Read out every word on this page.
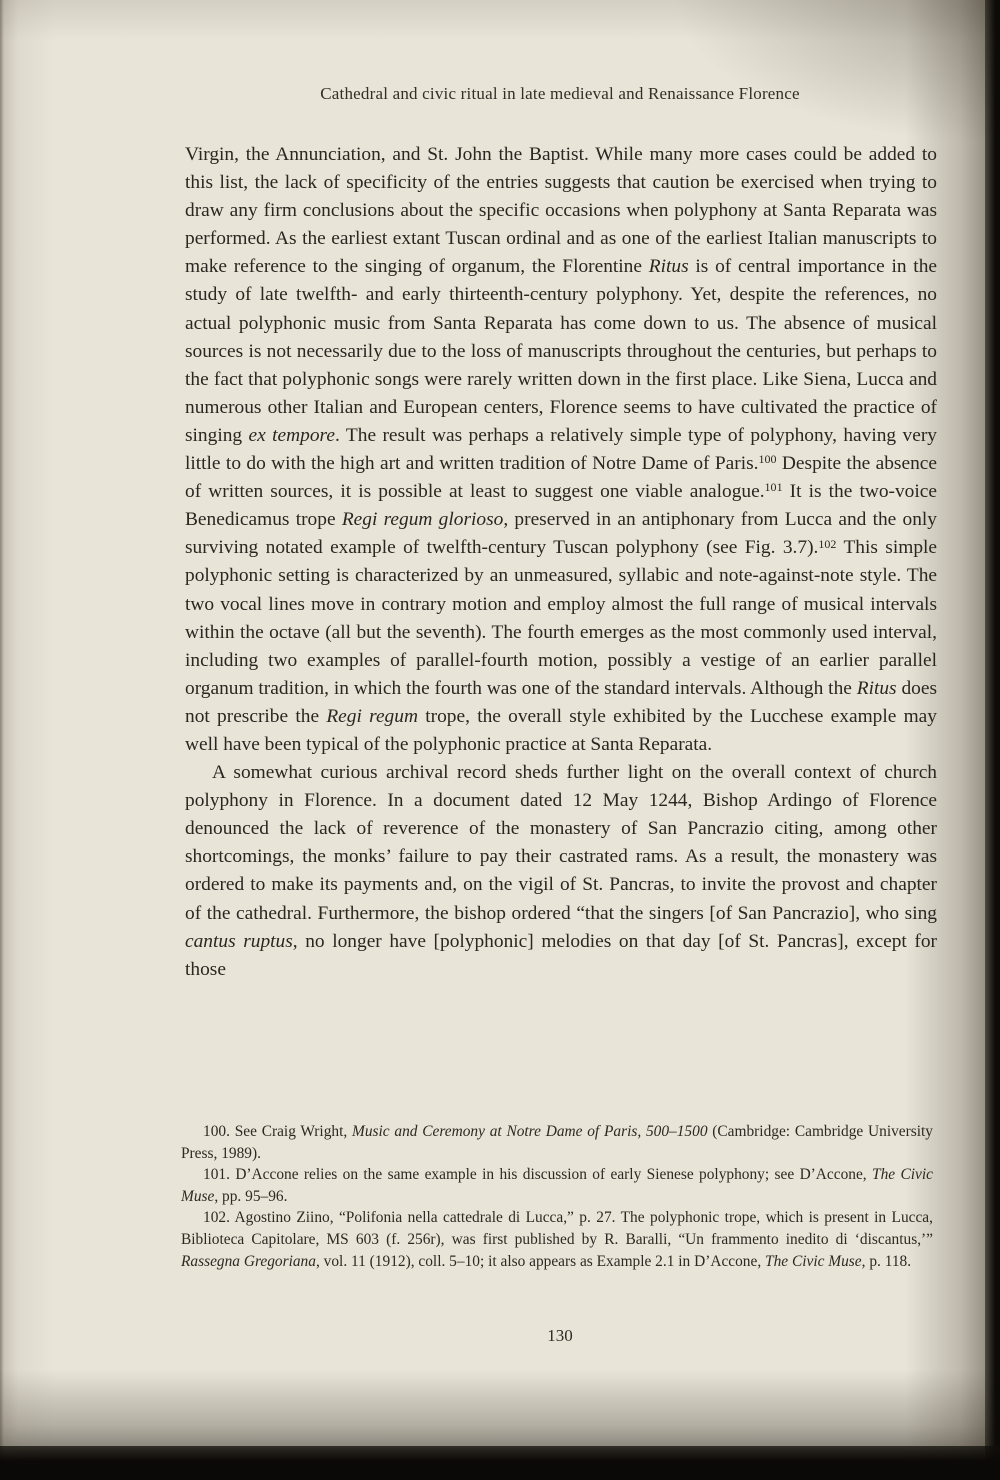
Cathedral and civic ritual in late medieval and Renaissance Florence
Virgin, the Annunciation, and St. John the Baptist. While many more cases could be added to this list, the lack of specificity of the entries suggests that caution be exercised when trying to draw any firm conclusions about the specific occasions when polyphony at Santa Reparata was performed. As the earliest extant Tuscan ordinal and as one of the earliest Italian manuscripts to make reference to the singing of organum, the Florentine Ritus is of central importance in the study of late twelfth- and early thirteenth-century polyphony. Yet, despite the references, no actual polyphonic music from Santa Reparata has come down to us. The absence of musical sources is not necessarily due to the loss of manuscripts throughout the centuries, but perhaps to the fact that polyphonic songs were rarely written down in the first place. Like Siena, Lucca and numerous other Italian and European centers, Florence seems to have cultivated the practice of singing ex tempore. The result was perhaps a relatively simple type of polyphony, having very little to do with the high art and written tradition of Notre Dame of Paris.$^{100}$ Despite the absence of written sources, it is possible at least to suggest one viable analogue.$^{101}$ It is the two-voice Benedicamus trope Regi regum glorioso, preserved in an antiphonary from Lucca and the only surviving notated example of twelfth-century Tuscan polyphony (see Fig. 3.7).$^{102}$ This simple polyphonic setting is characterized by an unmeasured, syllabic and note-against-note style. The two vocal lines move in contrary motion and employ almost the full range of musical intervals within the octave (all but the seventh). The fourth emerges as the most commonly used interval, including two examples of parallel-fourth motion, possibly a vestige of an earlier parallel organum tradition, in which the fourth was one of the standard intervals. Although the Ritus does not prescribe the Regi regum trope, the overall style exhibited by the Lucchese example may well have been typical of the polyphonic practice at Santa Reparata.
A somewhat curious archival record sheds further light on the overall context of church polyphony in Florence. In a document dated 12 May 1244, Bishop Ardingo of Florence denounced the lack of reverence of the monastery of San Pancrazio citing, among other shortcomings, the monks’ failure to pay their castrated rams. As a result, the monastery was ordered to make its payments and, on the vigil of St. Pancras, to invite the provost and chapter of the cathedral. Furthermore, the bishop ordered “that the singers [of San Pancrazio], who sing cantus ruptus, no longer have [polyphonic] melodies on that day [of St. Pancras], except for those
100. See Craig Wright, Music and Ceremony at Notre Dame of Paris, 500–1500 (Cambridge: Cambridge University Press, 1989).
101. D’Accone relies on the same example in his discussion of early Sienese polyphony; see D’Accone, The Civic Muse, pp. 95–96.
102. Agostino Ziino, “Polifonia nella cattedrale di Lucca,” p. 27. The polyphonic trope, which is present in Lucca, Biblioteca Capitolare, MS 603 (f. 256r), was first published by R. Baralli, “Un frammento inedito di ‘discantus,’” Rassegna Gregoriana, vol. 11 (1912), coll. 5–10; it also appears as Example 2.1 in D’Accone, The Civic Muse, p. 118.
130
